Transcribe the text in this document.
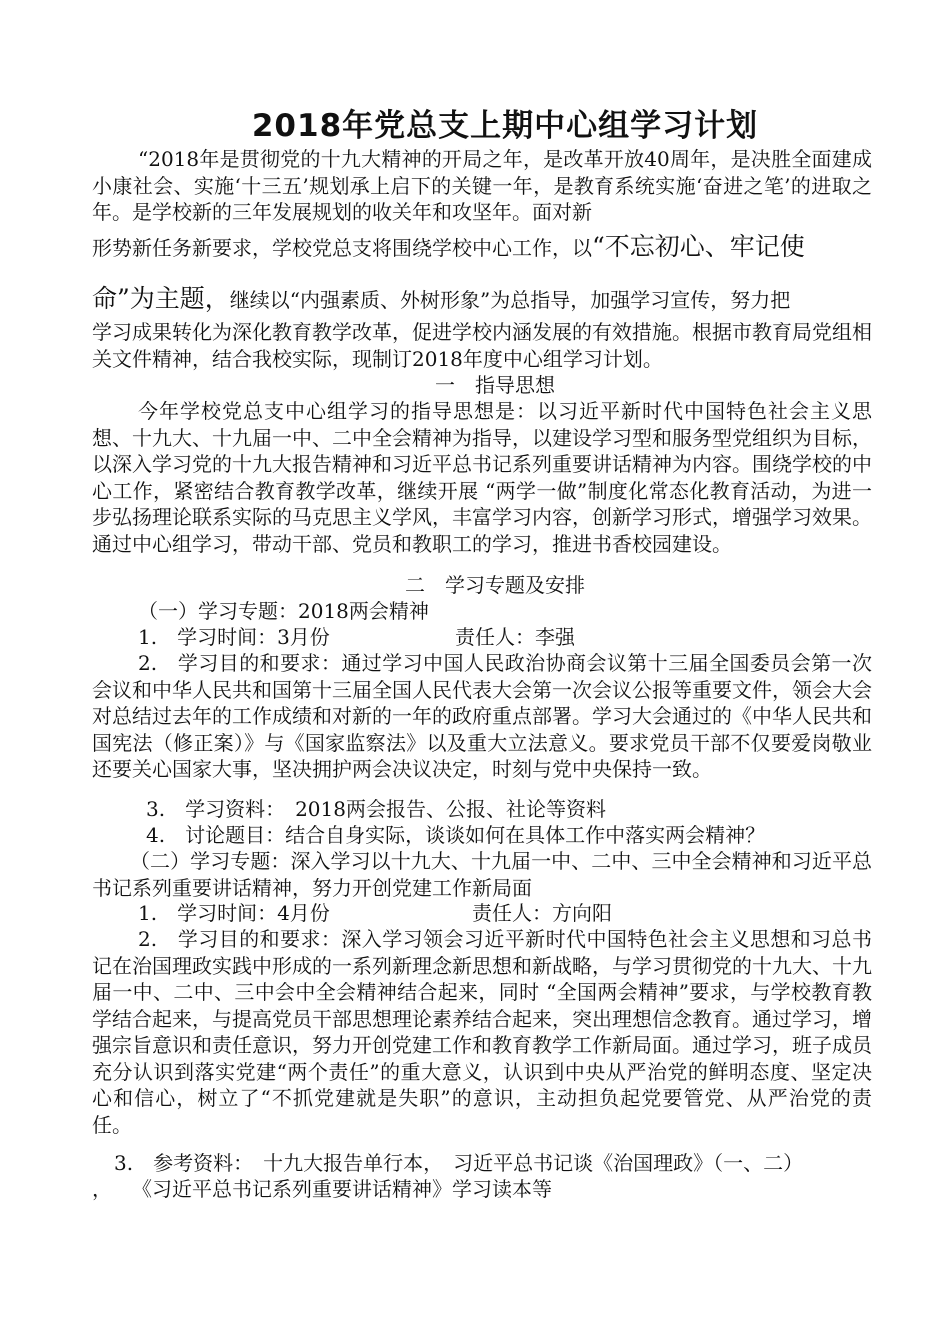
2018年党总支上期中心组学习计划
“2018年是贯彻党的十九大精神的开局之年，是改革开放40周年，是决胜全面建成小康社会、实施‘十三五’规划承上启下的关键一年，是教育系统实施‘奋进之笔’的进取之年。是学校新的三年发展规划的收关年和攻坚年。面对新
形势新任务新要求，学校党总支将围绕学校中心工作，以“不忘初心、牢记使
命”为主题，继续以“内强素质、外树形象”为总指导，加强学习宣传，努力把
学习成果转化为深化教育教学改革，促进学校内涵发展的有效措施。根据市教育局党组相关文件精神，结合我校实际，现制订2018年度中心组学习计划。
一　指导思想
今年学校党总支中心组学习的指导思想是：以习近平新时代中国特色社会主义思想、十九大、十九届一中、二中全会精神为指导，以建设学习型和服务型党组织为目标，以深入学习党的十九大报告精神和习近平总书记系列重要讲话精神为内容。围绕学校的中心工作，紧密结合教育教学改革，继续开展 “两学一做”制度化常态化教育活动，为进一步弘扬理论联系实际的马克思主义学风，丰富学习内容，创新学习形式，增强学习效果。通过中心组学习，带动干部、党员和教职工的学习，推进书香校园建设。
二　学习专题及安排
（一）学习专题：2018两会精神
1.　学习时间：3月份	责任人：李强
2.　学习目的和要求：通过学习中国人民政治协商会议第十三届全国委员会第一次会议和中华人民共和国第十三届全国人民代表大会第一次会议公报等重要文件，领会大会对总结过去年的工作成绩和对新的一年的政府重点部署。学习大会通过的《中华人民共和国宪法（修正案）》与《国家监察法》以及重大立法意义。要求党员干部不仅要爱岗敬业还要关心国家大事，坚决拥护两会决议决定，时刻与党中央保持一致。
3.　学习资料：　2018两会报告、公报、社论等资料
4.　讨论题目：结合自身实际，谈谈如何在具体工作中落实两会精神？
（二）学习专题：深入学习以十九大、十九届一中、二中、三中全会精神和习近平总书记系列重要讲话精神，努力开创党建工作新局面
1.　学习时间：4月份	责任人：方向阳
2.　学习目的和要求：深入学习领会习近平新时代中国特色社会主义思想和习总书记在治国理政实践中形成的一系列新理念新思想和新战略，与学习贯彻党的十九大、十九届一中、二中、三中会中全会精神结合起来，同时 “全国两会精神”要求，与学校教育教学结合起来，与提高党员干部思想理论素养结合起来，突出理想信念教育。通过学习，增强宗旨意识和责任意识，努力开创党建工作和教育教学工作新局面。通过学习，班子成员充分认识到落实党建“两个责任”的重大意义，认识到中央从严治党的鲜明态度、坚定决心和信心，树立了“不抓党建就是失职”的意识，主动担负起党要管党、从严治党的责任。
3.　参考资料：　十九大报告单行本，　习近平总书记谈《治国理政》（一、二）
，　　《习近平总书记系列重要讲话精神》学习读本等
